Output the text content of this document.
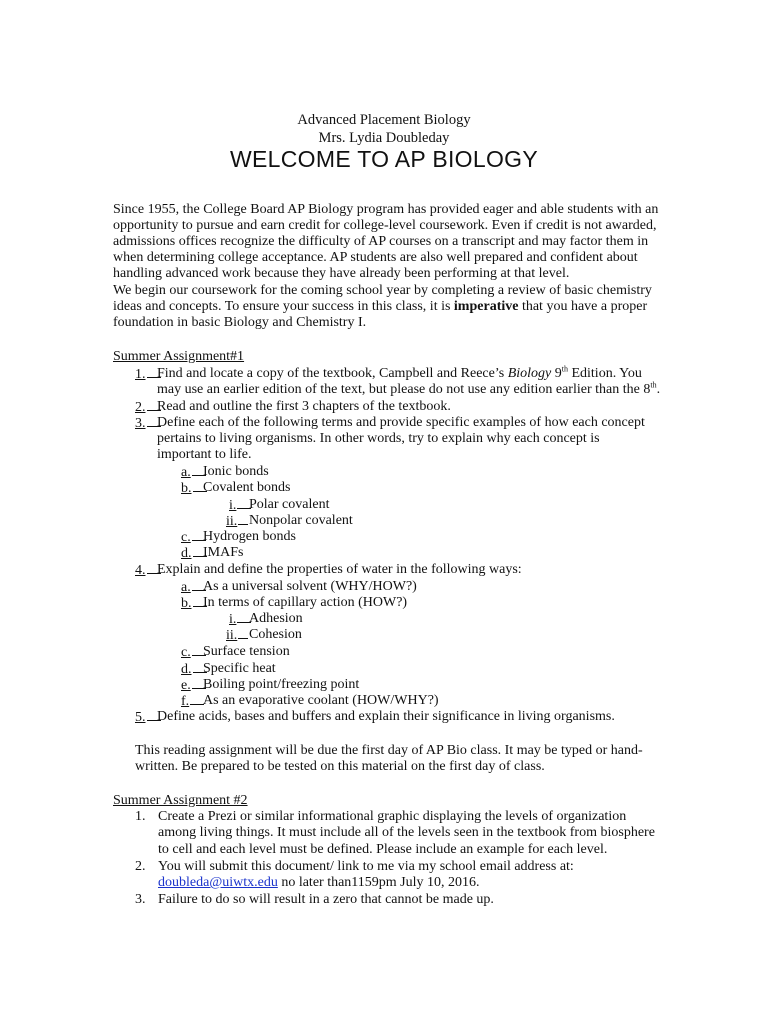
Advanced Placement Biology
Mrs. Lydia Doubleday
WELCOME TO AP BIOLOGY
Since 1955, the College Board AP Biology program has provided eager and able students with an
opportunity to pursue and earn credit for college-level coursework. Even if credit is not awarded,
admissions offices recognize the difficulty of AP courses on a transcript and may factor them in
when determining college acceptance. AP students are also well prepared and confident about
handling advanced work because they have already been performing at that level.
We begin our coursework for the coming school year by completing a review of basic chemistry
ideas and concepts. To ensure your success in this class, it is imperative that you have a proper
foundation in basic Biology and Chemistry I.
Summer Assignment#1
1. Find and locate a copy of the textbook, Campbell and Reece’s Biology 9th Edition. You
may use an earlier edition of the text, but please do not use any edition earlier than the 8th.
2. Read and outline the first 3 chapters of the textbook.
3. Define each of the following terms and provide specific examples of how each concept
pertains to living organisms. In other words, try to explain why each concept is
important to life.
a. Ionic bonds
b. Covalent bonds
i. Polar covalent
ii. Nonpolar covalent
c. Hydrogen bonds
d. IMAFs
4. Explain and define the properties of water in the following ways:
a. As a universal solvent (WHY/HOW?)
b. In terms of capillary action (HOW?)
i. Adhesion
ii. Cohesion
c. Surface tension
d. Specific heat
e. Boiling point/freezing point
f. As an evaporative coolant (HOW/WHY?)
5. Define acids, bases and buffers and explain their significance in living organisms.
This reading assignment will be due the first day of AP Bio class. It may be typed or hand-
written. Be prepared to be tested on this material on the first day of class.
Summer Assignment #2
1. Create a Prezi or similar informational graphic displaying the levels of organization
among living things. It must include all of the levels seen in the textbook from biosphere
to cell and each level must be defined. Please include an example for each level.
2. You will submit this document/ link to me via my school email address at:
doubleda@uiwtx.edu no later than1159pm July 10, 2016.
3. Failure to do so will result in a zero that cannot be made up.
